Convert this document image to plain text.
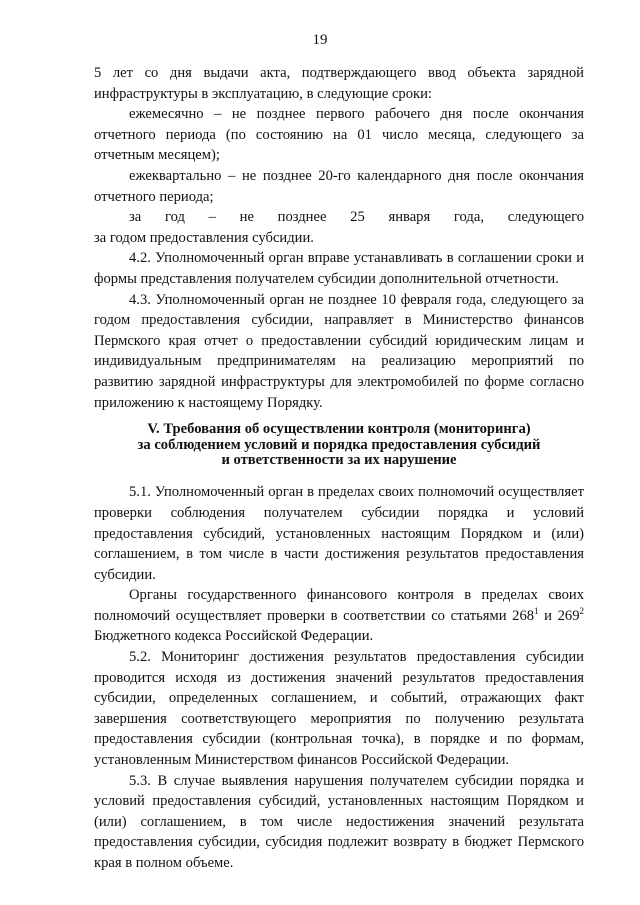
19

5 лет со дня выдачи акта, подтверждающего ввод объекта зарядной инфраструктуры в эксплуатацию, в следующие сроки:

ежемесячно – не позднее первого рабочего дня после окончания отчетного периода (по состоянию на 01 число месяца, следующего за отчетным месяцем);

ежеквартально – не позднее 20-го календарного дня после окончания отчетного периода;

за год – не позднее 25 января года, следующего

за годом предоставления субсидии.

4.2. Уполномоченный орган вправе устанавливать в соглашении сроки и формы представления получателем субсидии дополнительной отчетности.

4.3. Уполномоченный орган не позднее 10 февраля года, следующего за годом предоставления субсидии, направляет в Министерство финансов Пермского края отчет о предоставлении субсидий юридическим лицам и индивидуальным предпринимателям на реализацию мероприятий по развитию зарядной инфраструктуры для электромобилей по форме согласно приложению к настоящему Порядку.

V. Требования об осуществлении контроля (мониторинга)
за соблюдением условий и порядка предоставления субсидий
и ответственности за их нарушение

5.1. Уполномоченный орган в пределах своих полномочий осуществляет проверки соблюдения получателем субсидии порядка и условий предоставления субсидий, установленных настоящим Порядком и (или) соглашением, в том числе в части достижения результатов предоставления субсидии.

Органы государственного финансового контроля в пределах своих полномочий осуществляет проверки в соответствии со статьями $268^1$ и $269^2$ Бюджетного кодекса Российской Федерации.

5.2. Мониторинг достижения результатов предоставления субсидии проводится исходя из достижения значений результатов предоставления субсидии, определенных соглашением, и событий, отражающих факт завершения соответствующего мероприятия по получению результата предоставления субсидии (контрольная точка), в порядке и по формам, установленным Министерством финансов Российской Федерации.

5.3. В случае выявления нарушения получателем субсидии порядка и условий предоставления субсидий, установленных настоящим Порядком и (или) соглашением, в том числе недостижения значений результата предоставления субсидии, субсидия подлежит возврату в бюджет Пермского края в полном объеме.
